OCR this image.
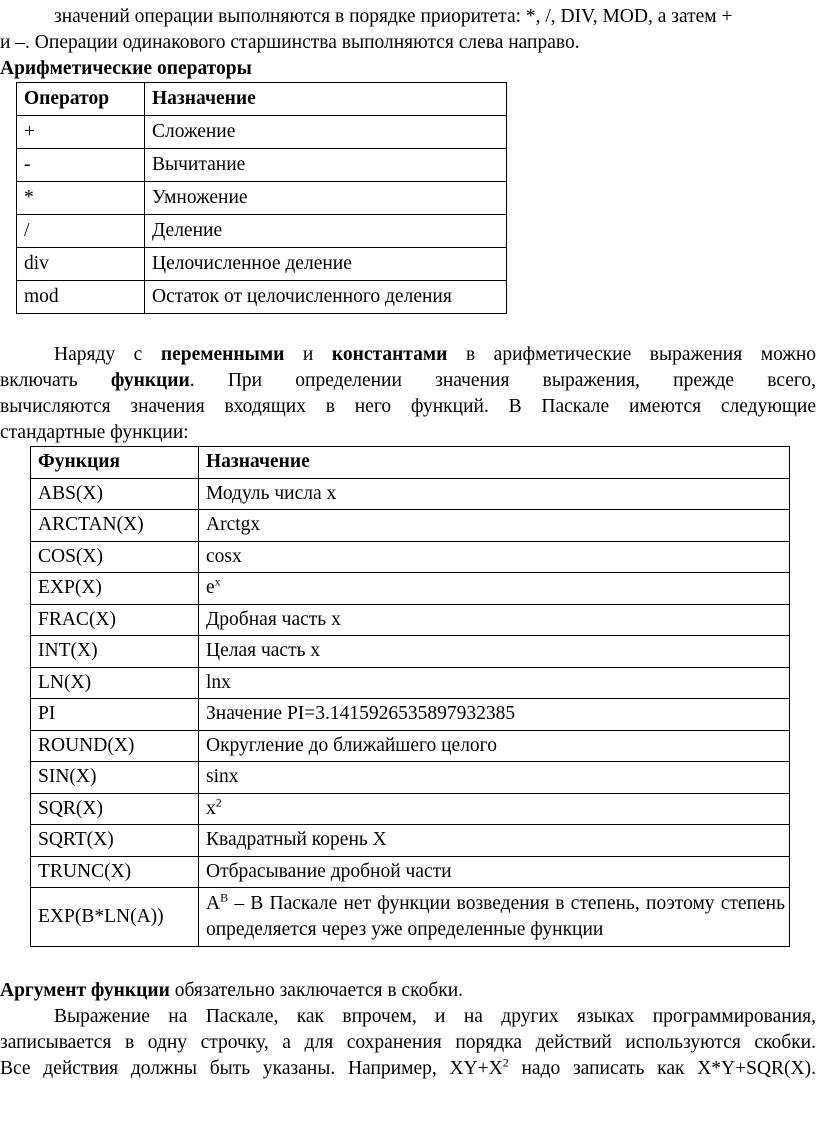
значений операции выполняются в порядке приоритета: *, /, DIV, MOD, а затем +
и –. Операции одинакового старшинства выполняются слева направо.
Арифметические операторы
Оператор	Назначение
+	Сложение
-	Вычитание
*	Умножение
/	Деление
div	Целочисленное деление
mod	Остаток от целочисленного деления
Наряду с переменными и константами в арифметические выражения можно
включать функции. При определении значения выражения, прежде всего,
вычисляются значения входящих в него функций. В Паскале имеются следующие
стандартные функции:
Функция	Назначение
ABS(X)	Модуль числа x
ARCTAN(X)	Arctgx
COS(X)	cosx
EXP(X)	$e^x$
FRAC(X)	Дробная часть x
INT(X)	Целая часть x
LN(X)	lnx
PI	Значение PI=3.1415926535897932385
ROUND(X)	Округление до ближайшего целого
SIN(X)	sinx
SQR(X)	$x^2$
SQRT(X)	Квадратный корень X
TRUNC(X)	Отбрасывание дробной части
EXP(B*LN(A))	$A^B$ – В Паскале нет функции возведения в степень, поэтому степень определяется через уже определенные функции
Аргумент функции обязательно заключается в скобки.
Выражение на Паскале, как впрочем, и на других языках программирования,
записывается в одну строчку, а для сохранения порядка действий используются скобки.
Все действия должны быть указаны. Например, $XY+X^2$ надо записать как X*Y+SQR(X).
